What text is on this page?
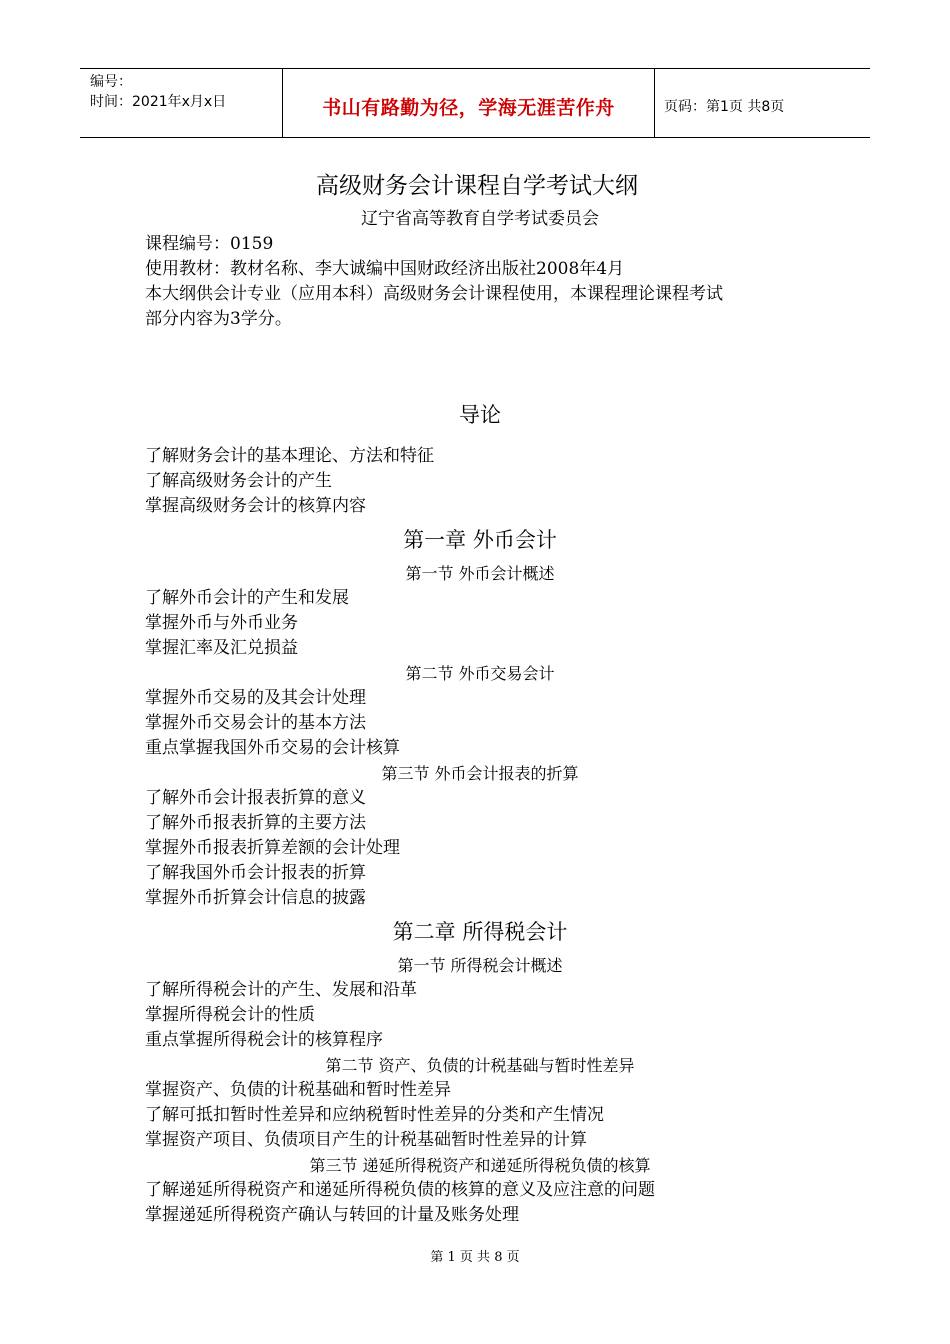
编号：
时间：2021年x月x日	书山有路勤为径，学海无涯苦作舟	页码：第1页 共8页
高级财务会计课程自学考试大纲
辽宁省高等教育自学考试委员会
课程编号：0159
使用教材：教材名称、李大诚编中国财政经济出版社2008年4月
本大纲供会计专业（应用本科）高级财务会计课程使用，本课程理论课程考试
部分内容为3学分。
导论
了解财务会计的基本理论、方法和特征
了解高级财务会计的产生
掌握高级财务会计的核算内容
第一章 外币会计
第一节 外币会计概述
了解外币会计的产生和发展
掌握外币与外币业务
掌握汇率及汇兑损益
第二节 外币交易会计
掌握外币交易的及其会计处理
掌握外币交易会计的基本方法
重点掌握我国外币交易的会计核算
第三节 外币会计报表的折算
了解外币会计报表折算的意义
了解外币报表折算的主要方法
掌握外币报表折算差额的会计处理
了解我国外币会计报表的折算
掌握外币折算会计信息的披露
第二章 所得税会计
第一节 所得税会计概述
了解所得税会计的产生、发展和沿革
掌握所得税会计的性质
重点掌握所得税会计的核算程序
第二节 资产、负债的计税基础与暂时性差异
掌握资产、负债的计税基础和暂时性差异
了解可抵扣暂时性差异和应纳税暂时性差异的分类和产生情况
掌握资产项目、负债项目产生的计税基础暂时性差异的计算
第三节 递延所得税资产和递延所得税负债的核算
了解递延所得税资产和递延所得税负债的核算的意义及应注意的问题
掌握递延所得税资产确认与转回的计量及账务处理
第 1 页 共 8 页
